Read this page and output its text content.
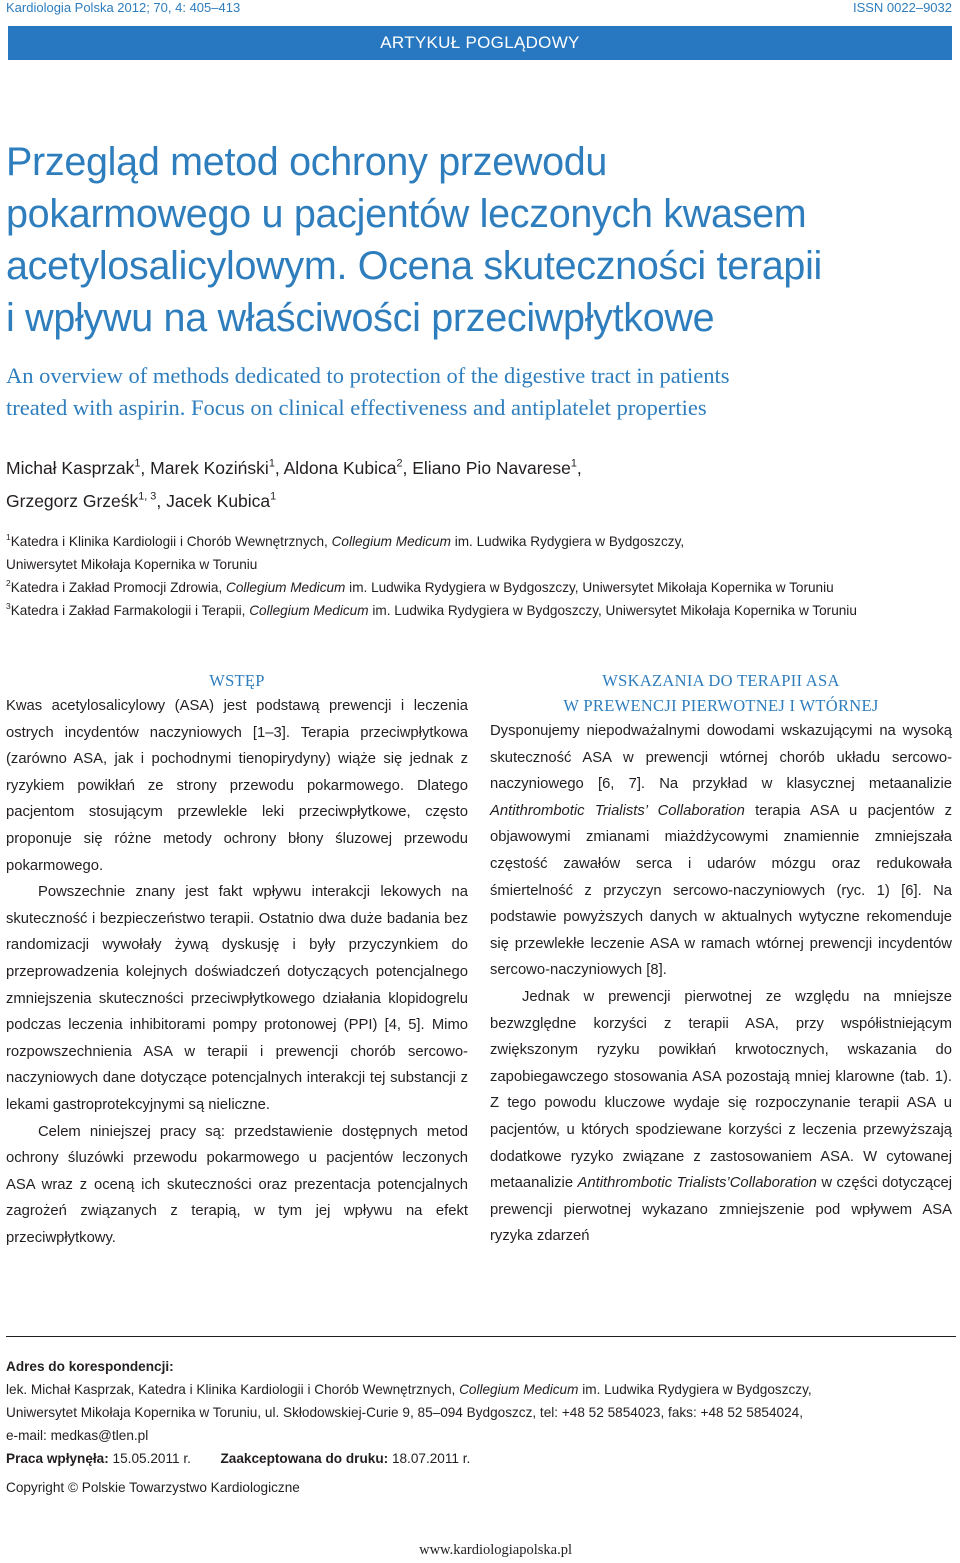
Kardiologia Polska 2012; 70, 4: 405–413	ISSN 0022–9032
ARTYKUŁ POGLĄDOWY
Przegląd metod ochrony przewodu
pokarmowego u pacjentów leczonych kwasem
acetylosalicylowym. Ocena skuteczności terapii
i wpływu na właściwości przeciwpłytkowe
An overview of methods dedicated to protection of the digestive tract in patients
treated with aspirin. Focus on clinical effectiveness and antiplatelet properties
Michał Kasprzak$^1$, Marek Koziński$^1$, Aldona Kubica$^2$, Eliano Pio Navarese$^1$,
Grzegorz Grześk$^{1, 3}$, Jacek Kubica$^1$
$^1$Katedra i Klinika Kardiologii i Chorób Wewnętrznych, Collegium Medicum im. Ludwika Rydygiera w Bydgoszczy,
Uniwersytet Mikołaja Kopernika w Toruniu
$^2$Katedra i Zakład Promocji Zdrowia, Collegium Medicum im. Ludwika Rydygiera w Bydgoszczy, Uniwersytet Mikołaja Kopernika w Toruniu
$^3$Katedra i Zakład Farmakologii i Terapii, Collegium Medicum im. Ludwika Rydygiera w Bydgoszczy, Uniwersytet Mikołaja Kopernika w Toruniu
WSTĘP

Kwas acetylosalicylowy (ASA) jest podstawą prewencji i leczenia ostrych incydentów naczyniowych [1–3]. Terapia przeciwpłytkowa (zarówno ASA, jak i pochodnymi tienopirydyny) wiąże się jednak z ryzykiem powikłań ze strony przewodu pokarmowego. Dlatego pacjentom stosującym przewlekle leki przeciwpłytkowe, często proponuje się różne metody ochrony błony śluzowej przewodu pokarmowego.

Powszechnie znany jest fakt wpływu interakcji lekowych na skuteczność i bezpieczeństwo terapii. Ostatnio dwa duże badania bez randomizacji wywołały żywą dyskusję i były przyczynkiem do przeprowadzenia kolejnych doświadczeń dotyczących potencjalnego zmniejszenia skuteczności przeciwpłytkowego działania klopidogrelu podczas leczenia inhibitorami pompy protonowej (PPI) [4, 5]. Mimo rozpowszechnienia ASA w terapii i prewencji chorób sercowo-naczyniowych dane dotyczące potencjalnych interakcji tej substancji z lekami gastroprotekcyjnymi są nieliczne.

Celem niniejszej pracy są: przedstawienie dostępnych metod ochrony śluzówki przewodu pokarmowego u pacjentów leczonych ASA wraz z oceną ich skuteczności oraz prezentacja potencjalnych zagrożeń związanych z terapią, w tym jej wpływu na efekt przeciwpłytkowy.

WSKAZANIA DO TERAPII ASA
W PREWENCJI PIERWOTNEJ I WTÓRNEJ

Dysponujemy niepodważalnymi dowodami wskazującymi na wysoką skuteczność ASA w prewencji wtórnej chorób układu sercowo-naczyniowego [6, 7]. Na przykład w klasycznej metaanalizie Antithrombotic Trialists’ Collaboration terapia ASA u pacjentów z objawowymi zmianami miażdżycowymi znamiennie zmniejszała częstość zawałów serca i udarów mózgu oraz redukowała śmiertelność z przyczyn sercowo-naczyniowych (ryc. 1) [6]. Na podstawie powyższych danych w aktualnych wytyczne rekomenduje się przewlekłe leczenie ASA w ramach wtórnej prewencji incydentów sercowo-naczyniowych [8].

Jednak w prewencji pierwotnej ze względu na mniejsze bezwzględne korzyści z terapii ASA, przy współistniejącym zwiększonym ryzyku powikłań krwotocznych, wskazania do zapobiegawczego stosowania ASA pozostają mniej klarowne (tab. 1). Z tego powodu kluczowe wydaje się rozpoczynanie terapii ASA u pacjentów, u których spodziewane korzyści z leczenia przewyższają dodatkowe ryzyko związane z zastosowaniem ASA. W cytowanej metaanalizie Antithrombotic Trialists’Collaboration w części dotyczącej prewencji pierwotnej wykazano zmniejszenie pod wpływem ASA ryzyka zdarzeń

Adres do korespondencji:
lek. Michał Kasprzak, Katedra i Klinika Kardiologii i Chorób Wewnętrznych, Collegium Medicum im. Ludwika Rydygiera w Bydgoszczy,
Uniwersytet Mikołaja Kopernika w Toruniu, ul. Skłodowskiej-Curie 9, 85–094 Bydgoszcz, tel: +48 52 5854023, faks: +48 52 5854024,
e-mail: medkas@tlen.pl
Praca wpłynęła: 15.05.2011 r. Zaakceptowana do druku: 18.07.2011 r.
Copyright © Polskie Towarzystwo Kardiologiczne
www.kardiologiapolska.pl
